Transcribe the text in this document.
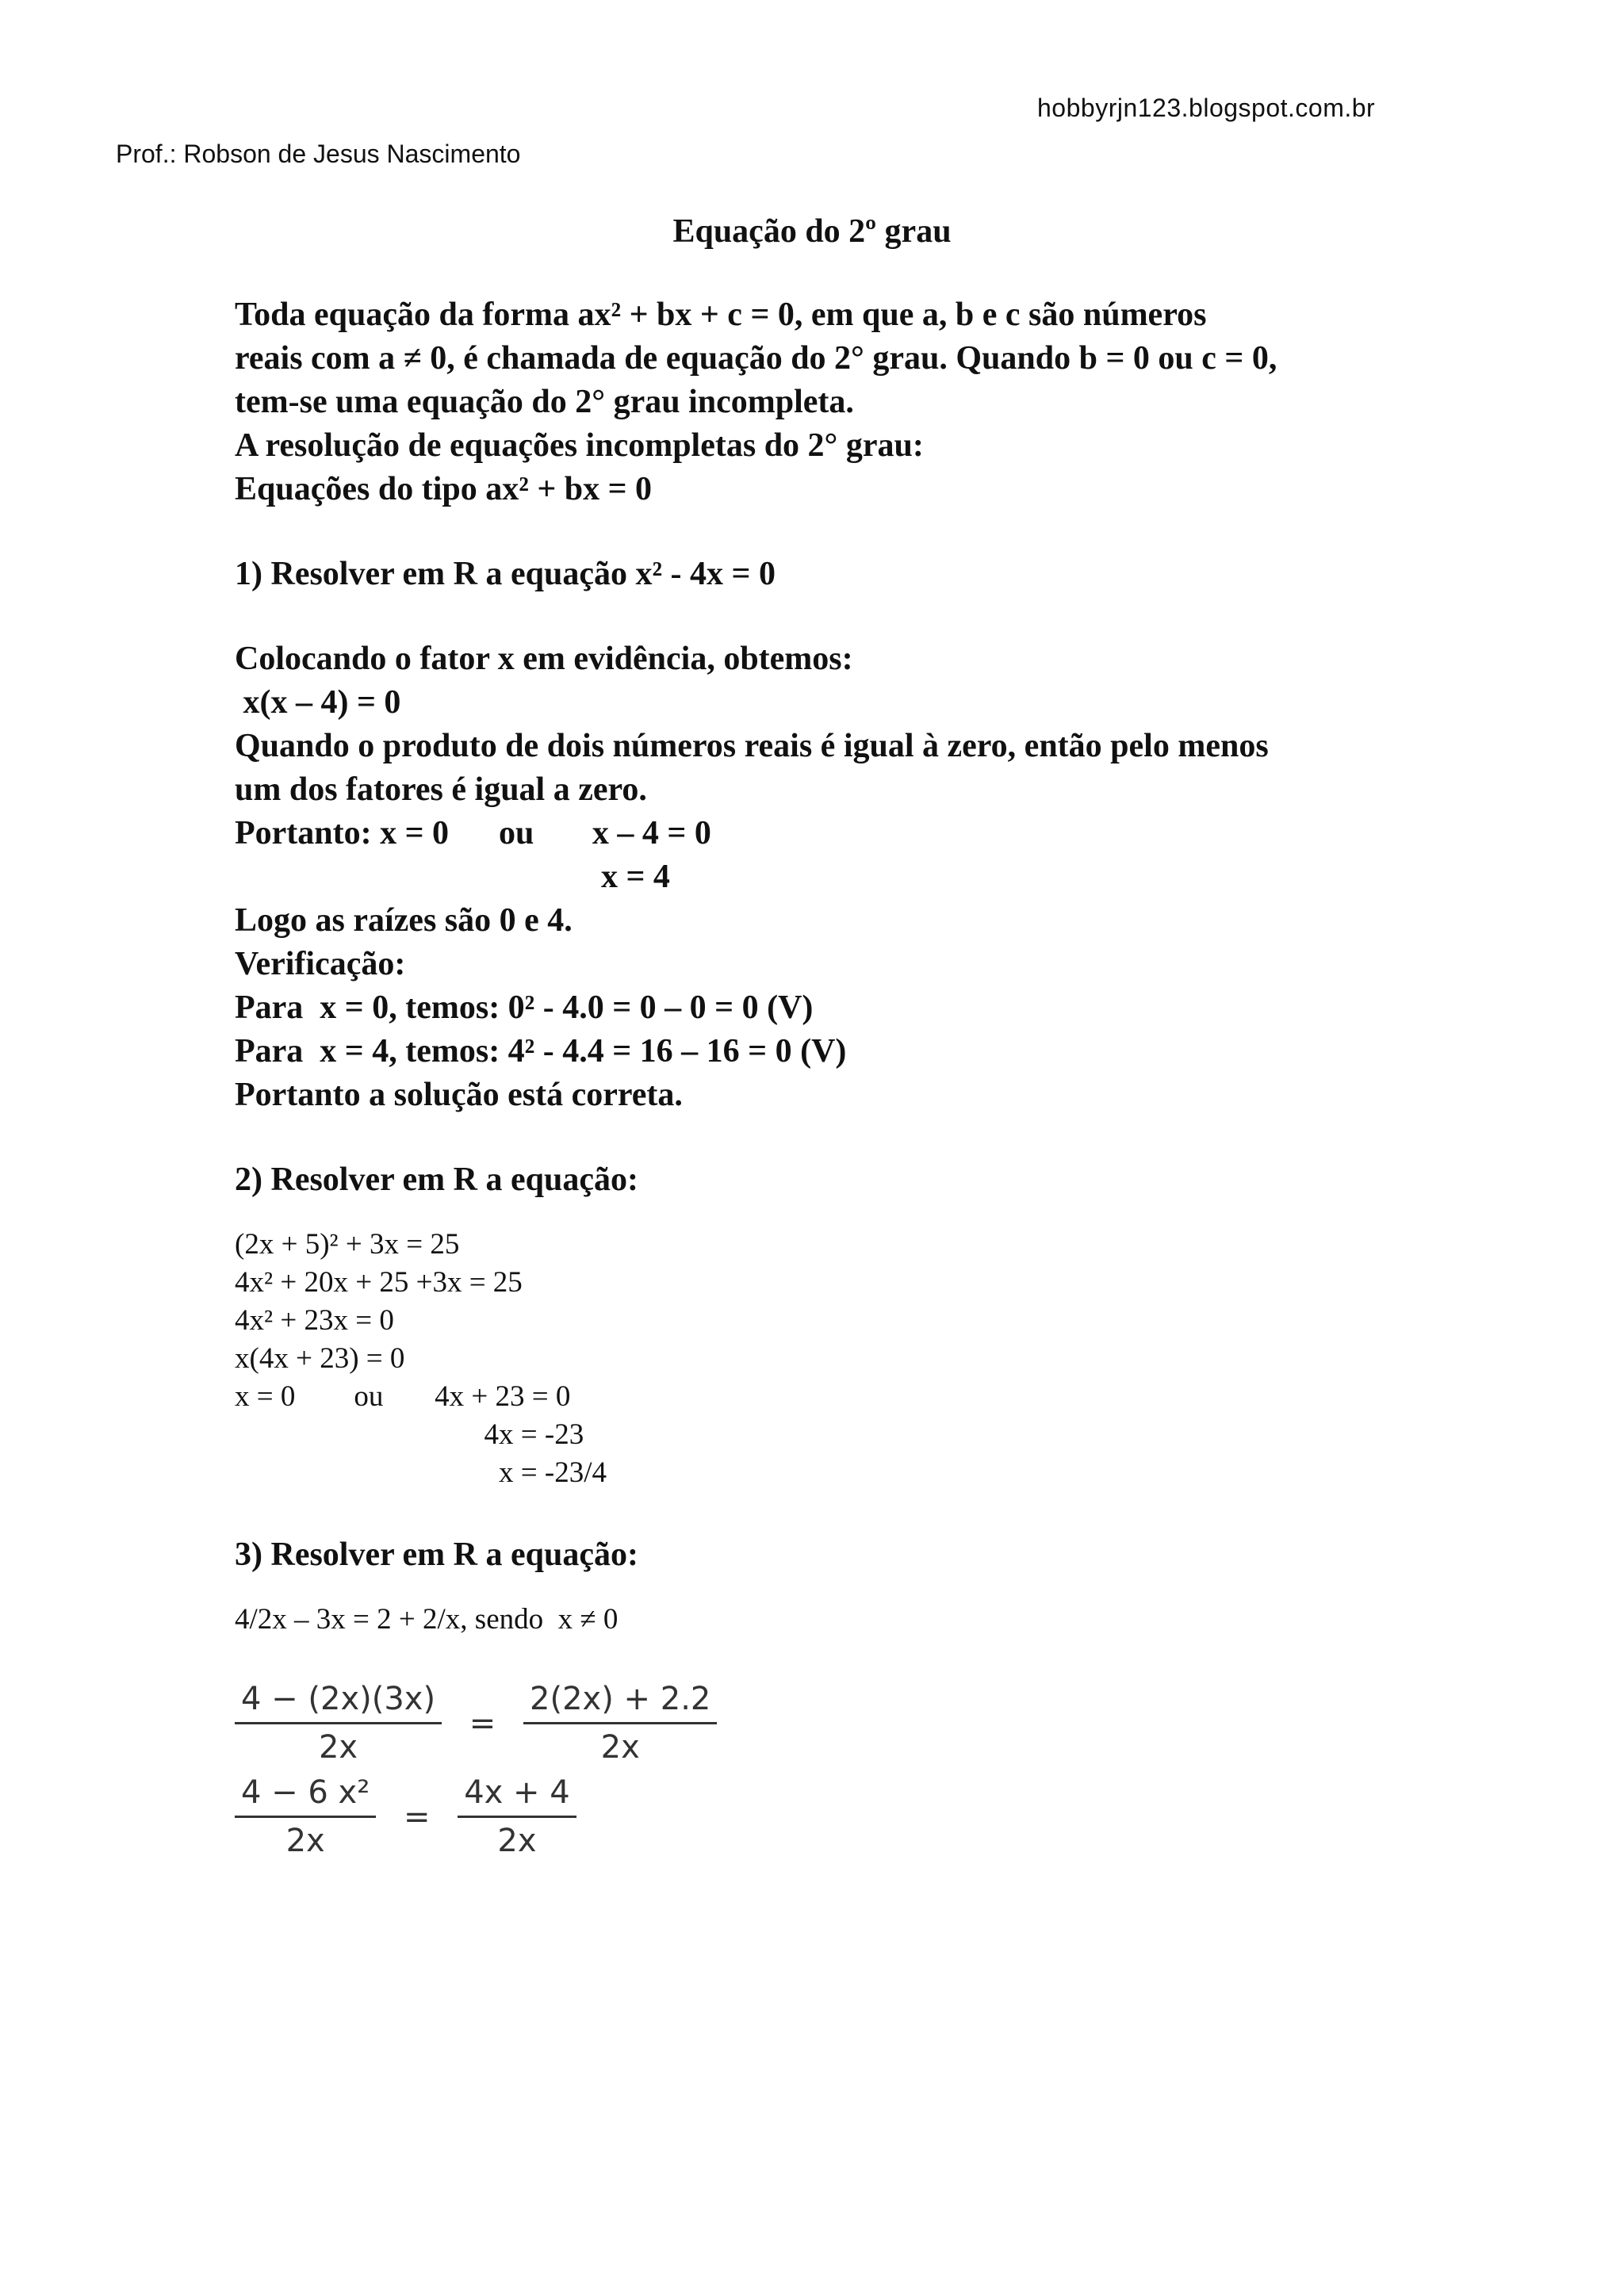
hobbyrjn123.blogspot.com.br
Prof.: Robson de Jesus Nascimento
Equação do 2º grau
Toda equação da forma ax² + bx + c = 0, em que a, b e c são números
reais com a ≠ 0, é chamada de equação do 2° grau. Quando b = 0 ou c = 0,
tem-se uma equação do 2° grau incompleta.
A resolução de equações incompletas do 2° grau:
Equações do tipo ax² + bx = 0
1) Resolver em R a equação x² - 4x = 0
Colocando o fator x em evidência, obtemos:
x(x – 4) = 0
Quando o produto de dois números reais é igual à zero, então pelo menos
um dos fatores é igual a zero.
Portanto: x = 0      ou       x – 4 = 0
x = 4
Logo as raízes são 0 e 4.
Verificação:
Para  x = 0, temos: 0² - 4.0 = 0 – 0 = 0 (V)
Para  x = 4, temos: 4² - 4.4 = 16 – 16 = 0 (V)
Portanto a solução está correta.
2) Resolver em R a equação:
(2x + 5)² + 3x = 25
4x² + 20x + 25 +3x = 25
4x² + 23x = 0
x(4x + 23) = 0
x = 0        ou       4x + 23 = 0
4x = -23
x = -23/4
3) Resolver em R a equação:
4/2x – 3x = 2 + 2/x, sendo  x ≠ 0
$\frac{4 - (2x)(3x)}{2x} = \frac{2(2x) + 2.2}{2x}$
$\frac{\text{4 − 6 x²}}{2x} = \frac{4x + 4}{2x}$
